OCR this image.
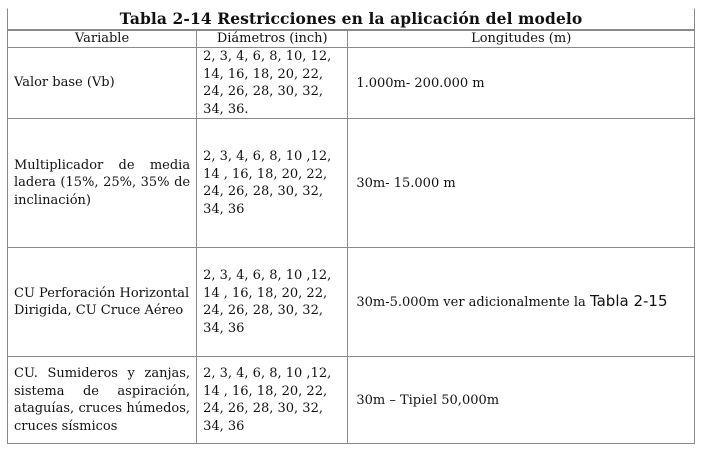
Tabla 2-14 Restricciones en la aplicación del modelo
Variable	Diámetros (inch)	Longitudes (m)
Valor base (Vb)	2, 3, 4, 6, 8, 10, 12, 14, 16, 18, 20, 22, 24, 26, 28, 30, 32, 34, 36.	1.000m- 200.000 m
Multiplicador de media ladera (15%, 25%, 35% de inclinación)	2, 3, 4, 6, 8, 10 ,12, 14 , 16, 18, 20, 22, 24, 26, 28, 30, 32, 34, 36	30m- 15.000 m
CU Perforación Horizontal Dirigida, CU Cruce Aéreo	2, 3, 4, 6, 8, 10 ,12, 14 , 16, 18, 20, 22, 24, 26, 28, 30, 32, 34, 36	30m-5.000m ver adicionalmente la Tabla 2-15
CU. Sumideros y zanjas, sistema de aspiración, ataguías, cruces húmedos, cruces sísmicos	2, 3, 4, 6, 8, 10 ,12, 14 , 16, 18, 20, 22, 24, 26, 28, 30, 32, 34, 36	30m – Tipiel 50,000m
